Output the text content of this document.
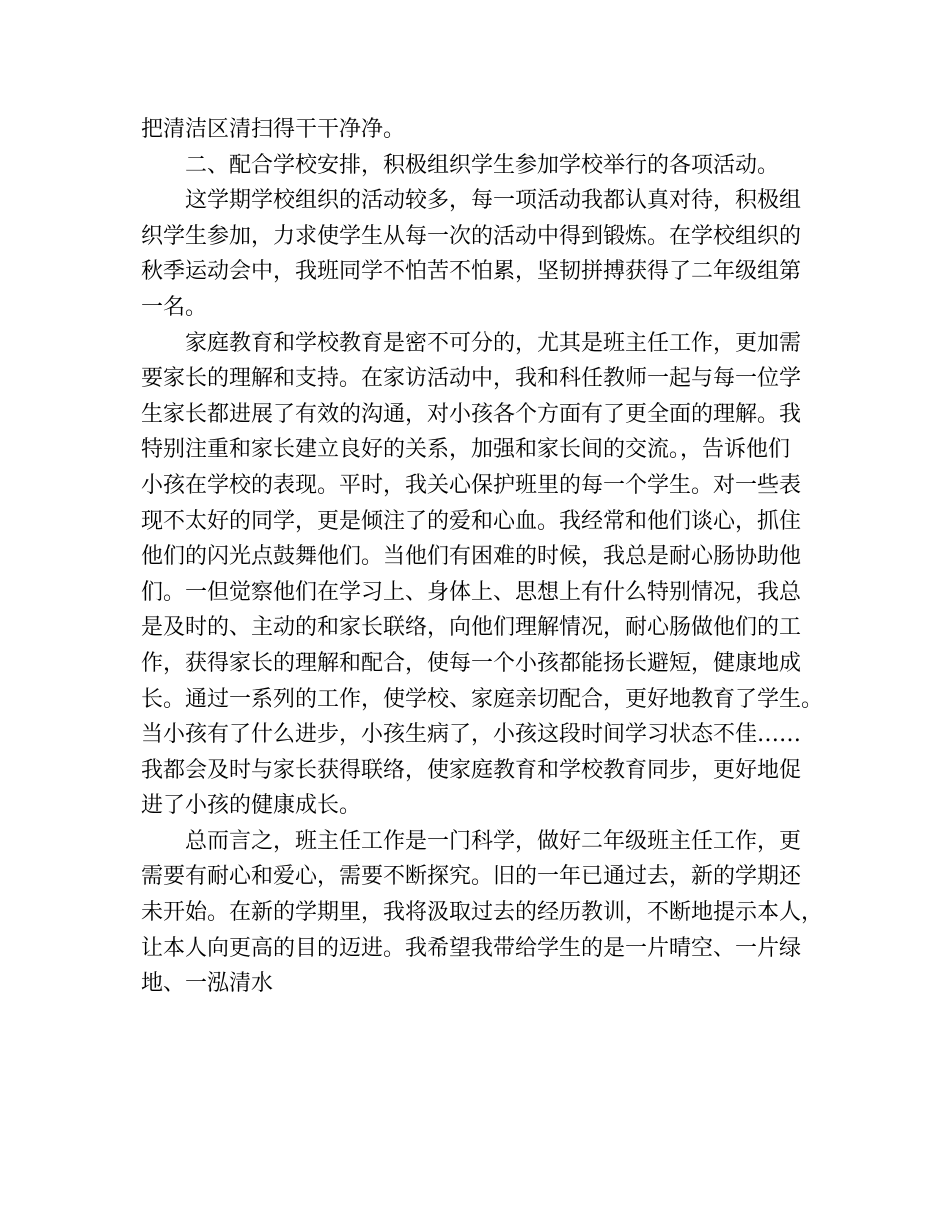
把清洁区清扫得干干净净。
　　二、配合学校安排，积极组织学生参加学校举行的各项活动。
　　这学期学校组织的活动较多，每一项活动我都认真对待，积极组
织学生参加，力求使学生从每一次的活动中得到锻炼。在学校组织的
秋季运动会中，我班同学不怕苦不怕累，坚韧拼搏获得了二年级组第
一名。
　　家庭教育和学校教育是密不可分的，尤其是班主任工作，更加需
要家长的理解和支持。在家访活动中，我和科任教师一起与每一位学
生家长都进展了有效的沟通，对小孩各个方面有了更全面的理解。我
特别注重和家长建立良好的关系，加强和家长间的交流。，告诉他们
小孩在学校的表现。平时，我关心保护班里的每一个学生。对一些表
现不太好的同学，更是倾注了的爱和心血。我经常和他们谈心，抓住
他们的闪光点鼓舞他们。当他们有困难的时候，我总是耐心肠协助他
们。一但觉察他们在学习上、身体上、思想上有什么特别情况，我总
是及时的、主动的和家长联络，向他们理解情况，耐心肠做他们的工
作，获得家长的理解和配合，使每一个小孩都能扬长避短，健康地成
长。通过一系列的工作，使学校、家庭亲切配合，更好地教育了学生。
当小孩有了什么进步，小孩生病了，小孩这段时间学习状态不佳……
我都会及时与家长获得联络，使家庭教育和学校教育同步，更好地促
进了小孩的健康成长。
　　总而言之，班主任工作是一门科学，做好二年级班主任工作，更
需要有耐心和爱心，需要不断探究。旧的一年已通过去，新的学期还
未开始。在新的学期里，我将汲取过去的经历教训，不断地提示本人，
让本人向更高的目的迈进。我希望我带给学生的是一片晴空、一片绿
地、一泓清水
